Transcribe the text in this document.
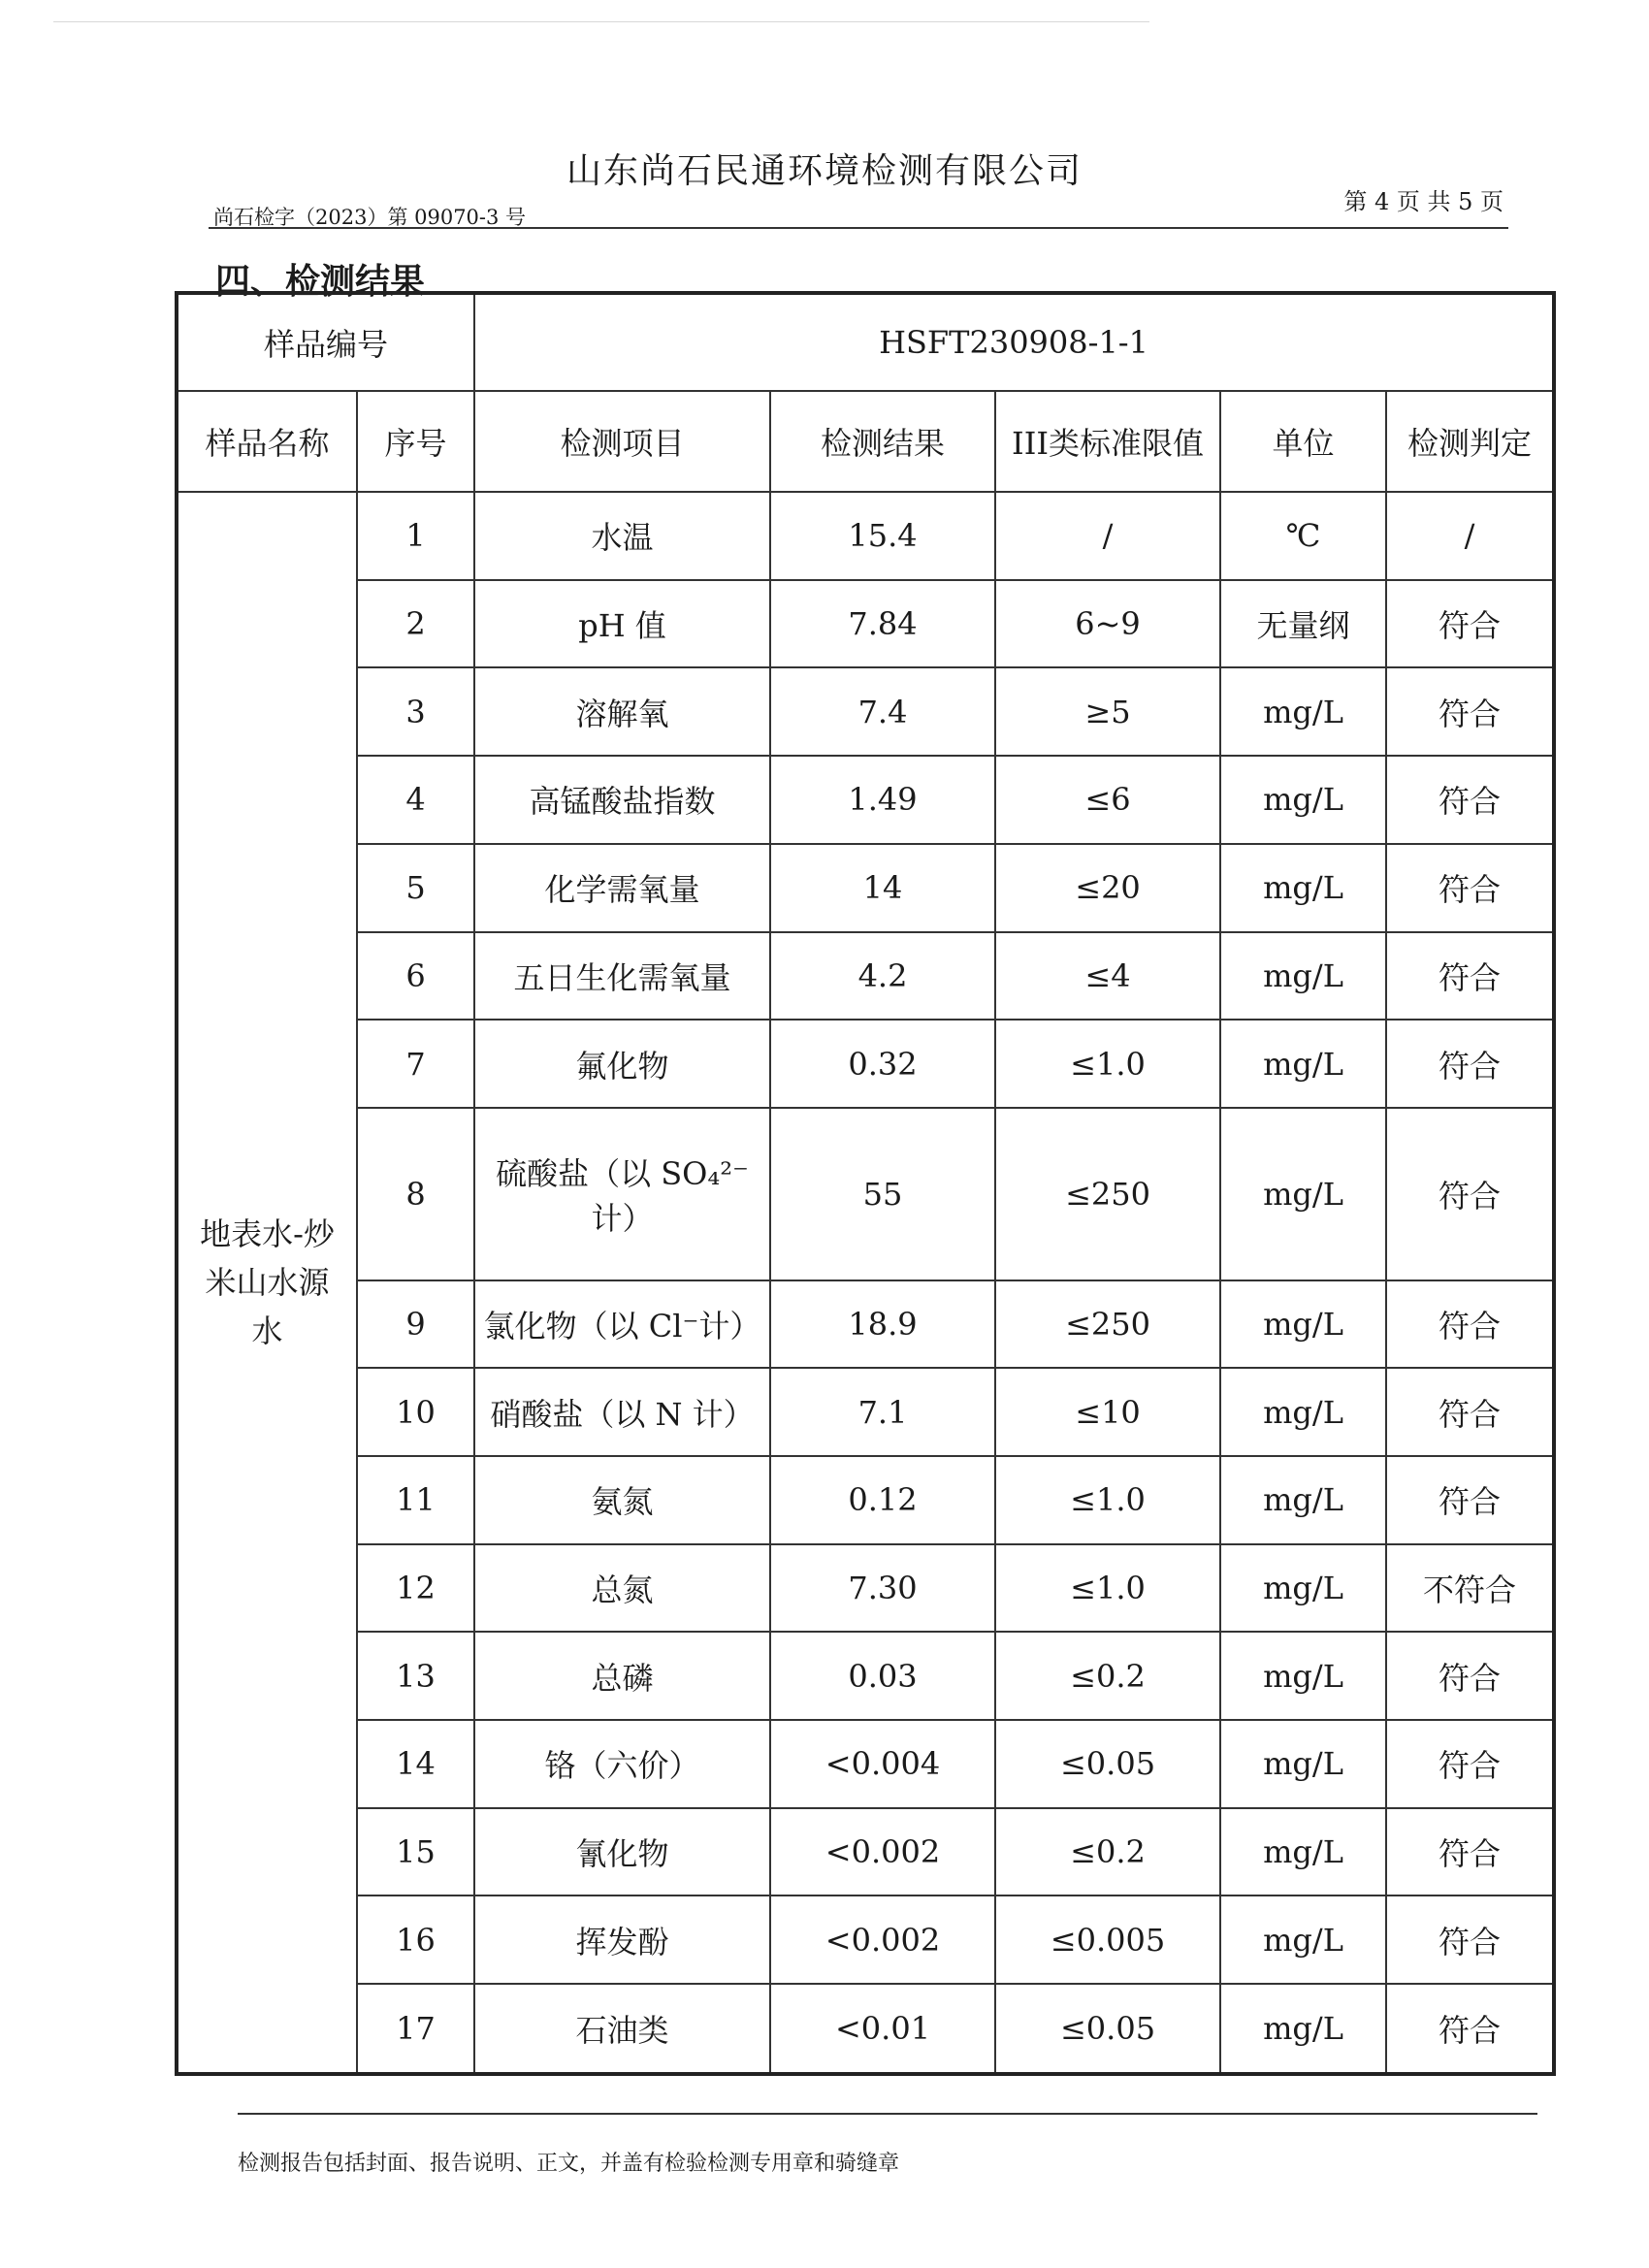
山东尚石民通环境检测有限公司
尚石检字（2023）第 09070-3 号
第 4 页 共 5 页
四、检测结果
样品编号		HSFT230908-1-1				
样品名称	序号	检测项目	检测结果	III类标准限值	单位	检测判定
地表水-炒米山水源水	1	水温	15.4	/	℃	/
	2	pH 值	7.84	6~9	无量纲	符合
	3	溶解氧	7.4	≥5	mg/L	符合
	4	高锰酸盐指数	1.49	≤6	mg/L	符合
	5	化学需氧量	14	≤20	mg/L	符合
	6	五日生化需氧量	4.2	≤4	mg/L	符合
	7	氟化物	0.32	≤1.0	mg/L	符合
	8	硫酸盐（以 SO₄²⁻计）	55	≤250	mg/L	符合
	9	氯化物（以 Cl⁻计）	18.9	≤250	mg/L	符合
	10	硝酸盐（以 N 计）	7.1	≤10	mg/L	符合
	11	氨氮	0.12	≤1.0	mg/L	符合
	12	总氮	7.30	≤1.0	mg/L	不符合
	13	总磷	0.03	≤0.2	mg/L	符合
	14	铬（六价）	<0.004	≤0.05	mg/L	符合
	15	氰化物	<0.002	≤0.2	mg/L	符合
	16	挥发酚	<0.002	≤0.005	mg/L	符合
	17	石油类	<0.01	≤0.05	mg/L	符合
检测报告包括封面、报告说明、正文，并盖有检验检测专用章和骑缝章
